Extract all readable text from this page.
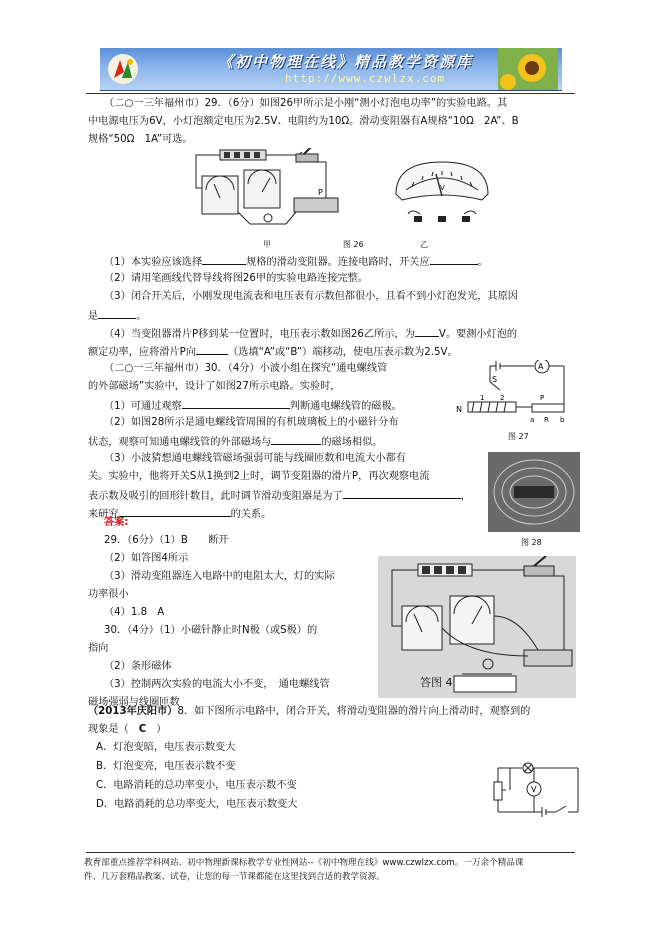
《初中物理在线》精品教学资源库
http://www.czwlzx.com
（二○一三年福州市）29．（6分）如图26甲所示是小刚“测小灯泡电功率”的实验电路。其
中电源电压为6V，小灯泡额定电压为2.5V、电阻约为10Ω。滑动变阻器有A规格“10Ω　2A”、B
规格“50Ω　1A”可选。
P
甲	图 26	乙
V
（1）本实验应该选择	规格的滑动变阻器。连接电路时，开关应	。
（2）请用笔画线代替导线将图26甲的实验电路连接完整。
（3）闭合开关后，小刚发现电流表和电压表有示数但都很小，且看不到小灯泡发光，其原因
是	。
（4）当变阻器滑片P移到某一位置时，电压表示数如图26乙所示，为 V。要测小灯泡的
额定功率，应将滑片P向	（选填“A”或“B”）端移动，使电压表示数为2.5V。
（二○一三年福州市）30．（4分）小波小组在探究“通电螺线管
的外部磁场”实验中，设计了如图27所示电路。实验时，
（1）可通过观察	判断通电螺线管的磁极。
（2）如图28所示是通电螺线管周围的有机玻璃板上的小磁针分布
状态，观察可知通电螺线管的外部磁场与	的磁场相似。
（3）小波猜想通电螺线管磁场强弱可能与线圈匝数和电流大小都有
关。实验中，他将开关S从1换到2上时，调节变阻器的滑片P，再次观察电流
表示数及吸引的回形针数目，此时调节滑动变阻器是为了	，
来研究	的关系。
A
S
1 2
N
P
a R b
图 27
图 28
答案:
29．（6分）（1）B　　断开
（2）如答图4所示
（3）滑动变阻器连入电路中的电阻太大，灯的实际
功率很小
（4）1.8　A
30．（4分）（1）小磁针静止时N极（或S极）的
指向
（2）条形磁体
（3）控制两次实验的电流大小不变，　通电螺线管
磁场强弱与线圈匝数
答图 4
（2013年庆阳市）8．如下图所示电路中，闭合开关，将滑动变阻器的滑片向上滑动时，观察到的
现象是（ C ）
A．灯泡变暗，电压表示数变大
B．灯泡变亮，电压表示数不变
C．电路消耗的总功率变小，电压表示数不变
D．电路消耗的总功率变大，电压表示数变大
V
教育部重点推荐学科网站、初中物理新课标教学专业性网站--《初中物理在线》www.czwlzx.com。一万余个精品课
件、几万套精品教案、试卷，让您的每一节课都能在这里找到合适的教学资源。
